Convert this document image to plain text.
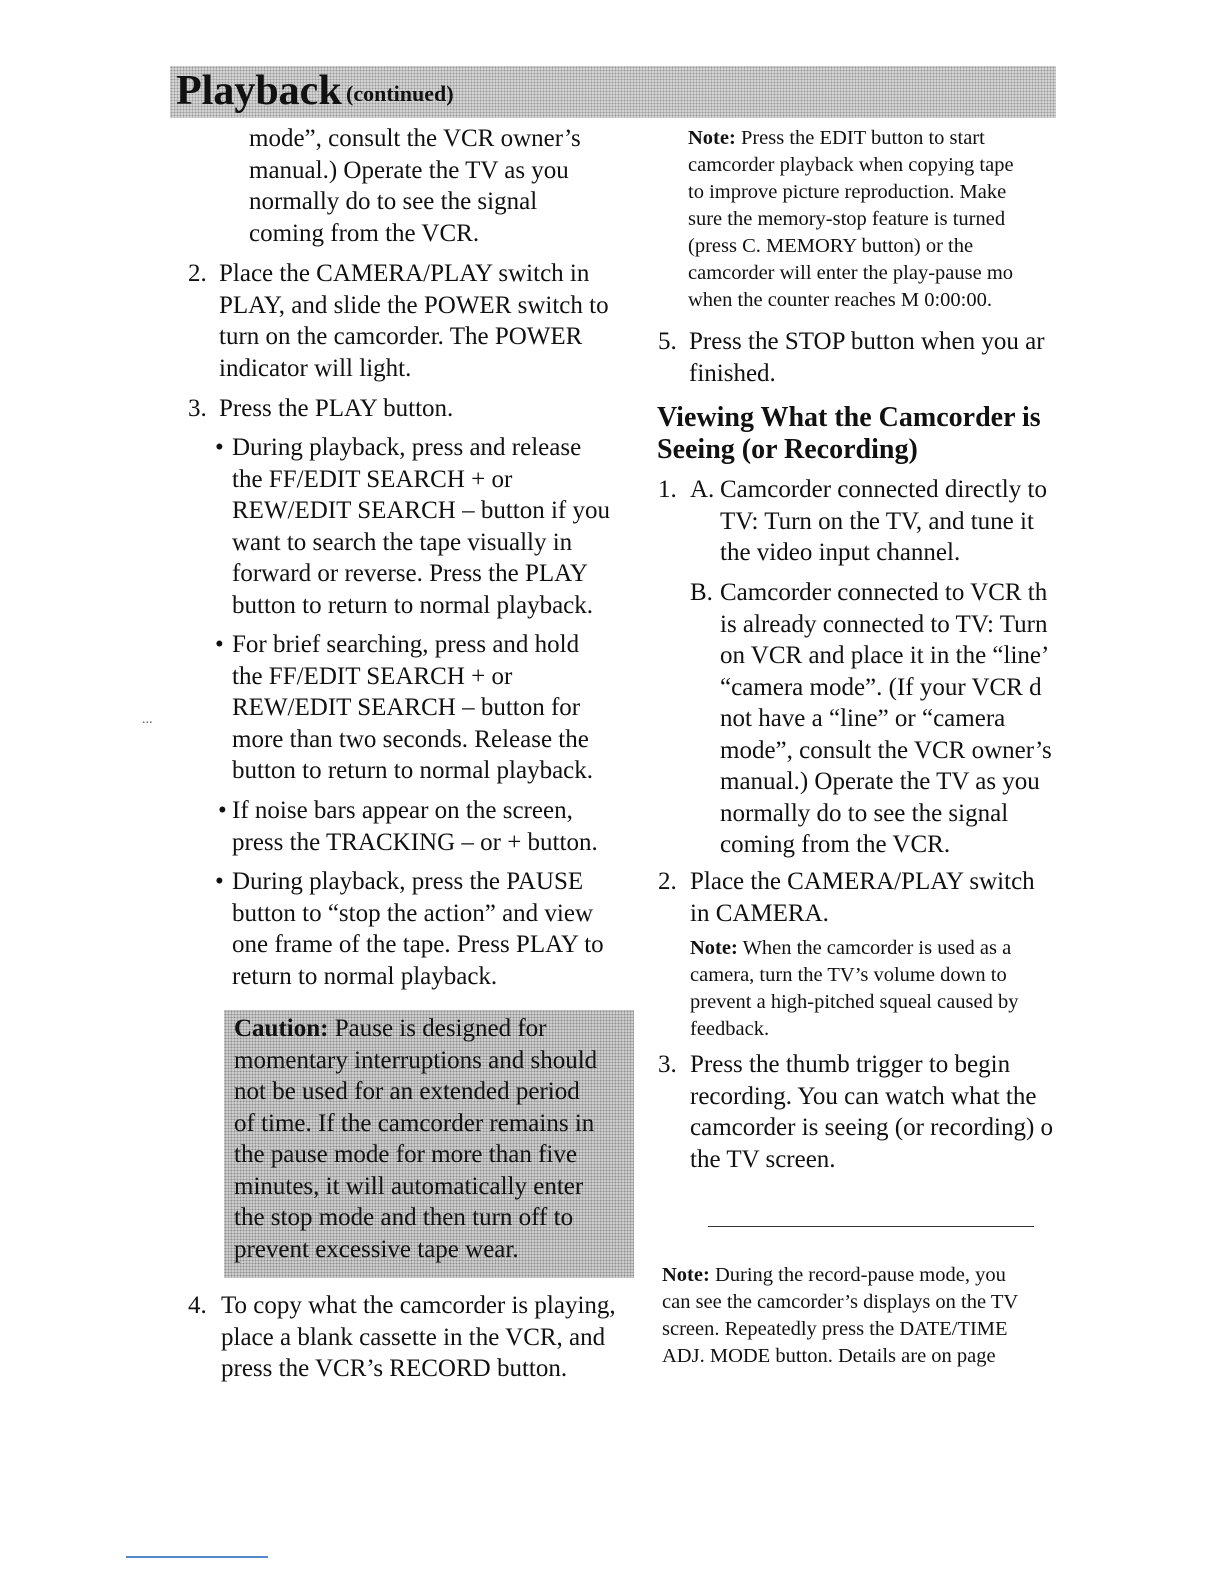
Playback (continued)
...

mode”, consult the VCR owner’s

manual.) Operate the TV as you

normally do to see the signal

coming from the VCR.

2. Place the CAMERA/PLAY switch in

PLAY, and slide the POWER switch to

turn on the camcorder. The POWER

indicator will light.

3. Press the PLAY button.

• During playback, press and release

the FF/EDIT SEARCH + or

REW/EDIT SEARCH – button if you

want to search the tape visually in

forward or reverse. Press the PLAY

button to return to normal playback.

• For brief searching, press and hold

the FF/EDIT SEARCH + or

REW/EDIT SEARCH – button for

more than two seconds. Release the

button to return to normal playback.

• If noise bars appear on the screen,

press the TRACKING – or + button.

• During playback, press the PAUSE

button to “stop the action” and view

one frame of the tape. Press PLAY to

return to normal playback.

Caution: Pause is designed for
momentary interruptions and should
not be used for an extended period
of time. If the camcorder remains in
the pause mode for more than five
minutes, it will automatically enter
the stop mode and then turn off to
prevent excessive tape wear.
4. To copy what the camcorder is playing,

place a blank cassette in the VCR, and

press the VCR’s RECORD button.

Note: Press the EDIT button to start

camcorder playback when copying tape

to improve picture reproduction. Make

sure the memory-stop feature is turned

(press C. MEMORY button) or the

camcorder will enter the play-pause mo

when the counter reaches M 0:00:00.

5. Press the STOP button when you ar

finished.

Viewing What the Camcorder is

Seeing (or Recording)

1. A. Camcorder connected directly to

TV: Turn on the TV, and tune it

the video input channel.

B. Camcorder connected to VCR th

is already connected to TV: Turn

on VCR and place it in the “line’

“camera mode”. (If your VCR d

not have a “line” or “camera

mode”, consult the VCR owner’s

manual.) Operate the TV as you

normally do to see the signal

coming from the VCR.

2. Place the CAMERA/PLAY switch

in CAMERA.

Note: When the camcorder is used as a

camera, turn the TV’s volume down to

prevent a high-pitched squeal caused by

feedback.

3. Press the thumb trigger to begin

recording. You can watch what the

camcorder is seeing (or recording) o

the TV screen.

Note: During the record-pause mode, you

can see the camcorder’s displays on the TV

screen. Repeatedly press the DATE/TIME

ADJ. MODE button. Details are on page
